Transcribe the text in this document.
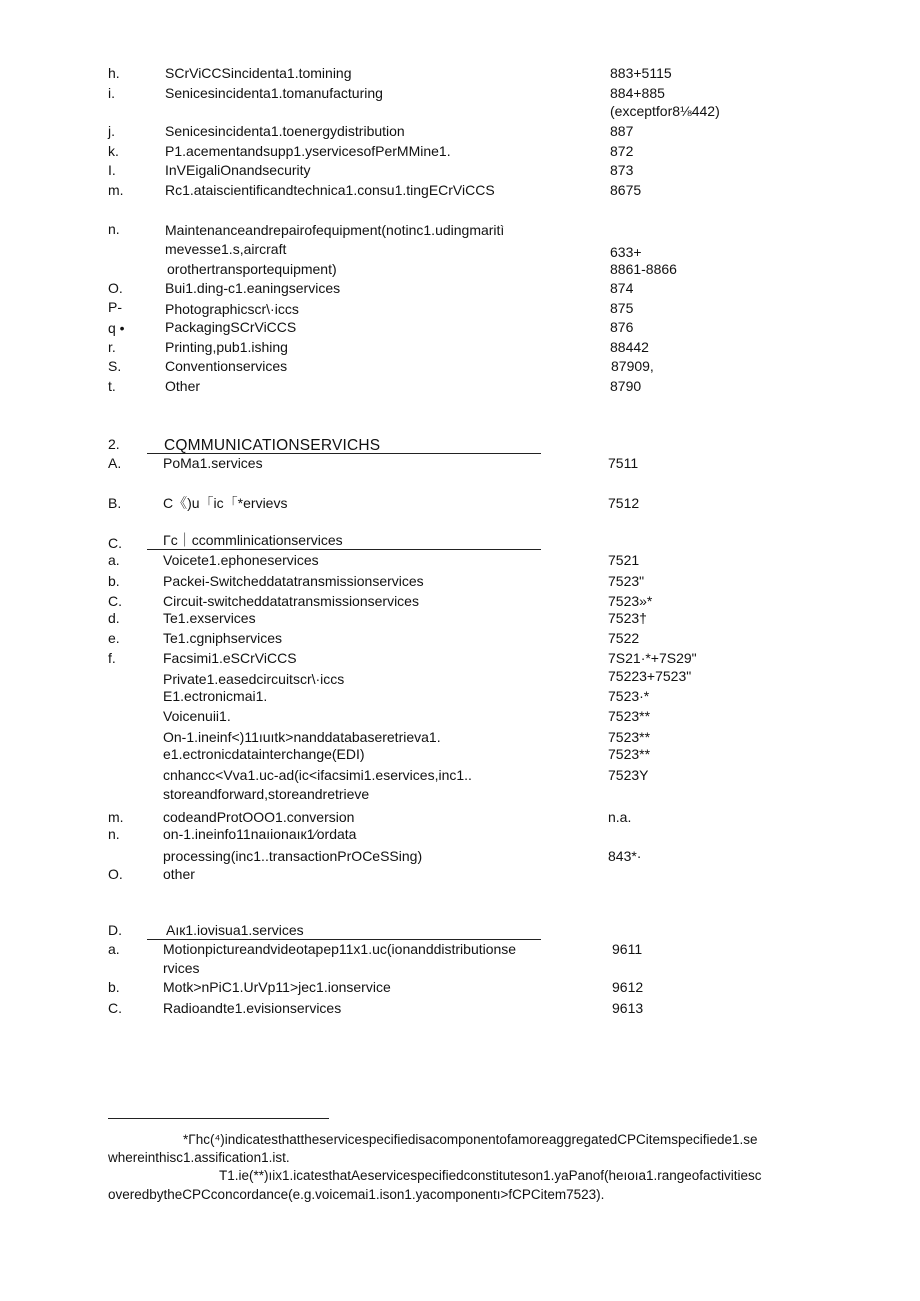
h.	SCrViCCSincidenta1.tomining	883+5115
i.	Senicesincidenta1.tomanufacturing	884+885
(exceptfor8⅛442)
j.	Senicesincidenta1.toenergydistribution	887
k.	P1.acementandsupp1.yservicesofPerMMine1.	872
I.	InVEigaliOnandsecurity	873
m.	Rc1.ataiscientificandtechnica1.consu1.tingECrViCCS	8675
n.	Maintenanceandrepairofequipment(notinc1.udingmaritì
mevesse1.s,aircraft	633+
orothertransportequipment)	8861-8866
O.	Bui1.ding-c1.eaningservices	874
P-	Photographicscr\·iccs	875
q •	PackagingSCrViCCS	876
r.	Printing,pub1.ishing	88442
S.	Conventionservices	87909,
t.	Other	8790
2.	CQMMUNICATIONSERVICHS
A.	PoMa1.services	7511
B.	C《)u「ic「*ervievs	7512
C.	Γc｜ccommlinicationservices
a.	Voicete1.ephoneservices	7521
b.	Packei-Switcheddatatransmissionservices	7523"
C.	Circuit-switcheddatatransmissionservices	7523»*
d.	Te1.exservices	7523†
e.	Te1.cgniphservices	7522
f.	Facsimi1.eSCrViCCS	7S21·*+7S29"
Private1.easedcircuitscr\·iccs	75223+7523"
E1.ectronicmai1.	7523·*
Voicenuii1.	7523**
On-1.ineinf<)11ıuıtk>nanddatabaseretrieva1.	7523**
e1.ectronicdatainterchange(EDI)	7523**
cnhancc<Vva1.uc-ad(ic<ifacsimi1.eservices,inc1..	7523Y
storeandforward,storeandretrieve
m.	codeandProtOOO1.conversion	n.a.
n.	on-1.ineinfo11naıionaıк1⁄ordata
processing(inc1..transactionPrOCeSSing)	843*·
O.	other
D.	Aıк1.iovisua1.services
a.	Motionpictureandvideotapep11x1.uc(ionanddistributionse	9611
rvices
b.	Motk>nPiC1.UrVp11>jec1.ionservice	9612
C.	Radioandte1.evisionservices	9613
*Γhc(⁴)indicatesthattheservicespecifiedisacomponentofamoreaggregatedCPCitemspecifiede1.se
whereinthisc1.assification1.ist.
T1.ie(**)ıix1.icatesthatAeservicespecifiedconstituteson1.yaPanof(heıoıa1.rangeofactivitiesc
overedbytheCPCconcordance(e.g.voicemai1.ison1.yacomponentı>fCPCitem7523).
